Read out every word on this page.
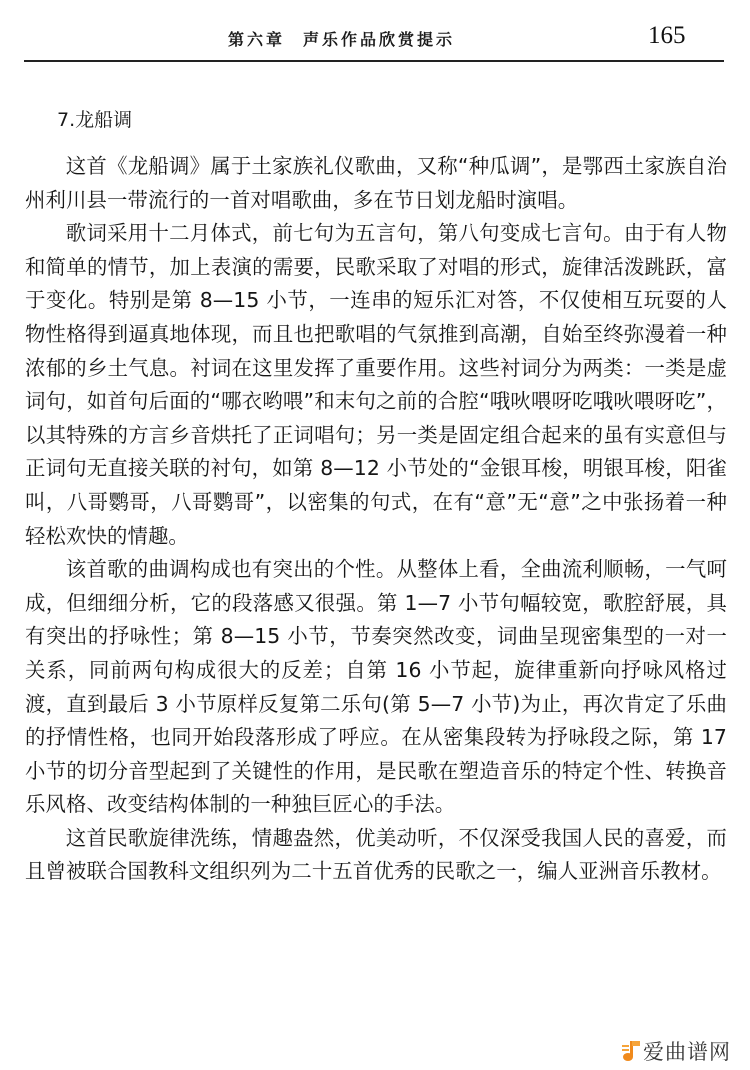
第六章 声乐作品欣赏提示	165
7.龙船调

这首《龙船调》属于土家族礼仪歌曲，又称“种瓜调”，是鄂西土家族自治州利川县一带流行的一首对唱歌曲，多在节日划龙船时演唱。

歌词采用十二月体式，前七句为五言句，第八句变成七言句。由于有人物和简单的情节，加上表演的需要，民歌采取了对唱的形式，旋律活泼跳跃，富于变化。特别是第 8—15 小节，一连串的短乐汇对答，不仅使相互玩耍的人物性格得到逼真地体现，而且也把歌唱的气氛推到高潮，自始至终弥漫着一种浓郁的乡土气息。衬词在这里发挥了重要作用。这些衬词分为两类：一类是虚词句，如首句后面的“哪衣哟喂”和末句之前的合腔“哦吙喂呀吃哦吙喂呀吃”，以其特殊的方言乡音烘托了正词唱句；另一类是固定组合起来的虽有实意但与正词句无直接关联的衬句，如第 8—12 小节处的“金银耳梭，明银耳梭，阳雀叫，八哥鹦哥，八哥鹦哥”，以密集的句式，在有“意”无“意”之中张扬着一种轻松欢快的情趣。

该首歌的曲调构成也有突出的个性。从整体上看，全曲流利顺畅，一气呵成，但细细分析，它的段落感又很强。第 1—7 小节句幅较宽，歌腔舒展，具有突出的抒咏性；第 8—15 小节，节奏突然改变，词曲呈现密集型的一对一关系，同前两句构成很大的反差；自第 16 小节起，旋律重新向抒咏风格过渡，直到最后 3 小节原样反复第二乐句(第 5—7 小节)为止，再次肯定了乐曲的抒情性格，也同开始段落形成了呼应。在从密集段转为抒咏段之际，第 17 小节的切分音型起到了关键性的作用，是民歌在塑造音乐的特定个性、转换音乐风格、改变结构体制的一种独巨匠心的手法。

这首民歌旋律洗练，情趣盎然，优美动听，不仅深受我国人民的喜爱，而且曾被联合国教科文组织列为二十五首优秀的民歌之一，编人亚洲音乐教材。

爱曲谱网
